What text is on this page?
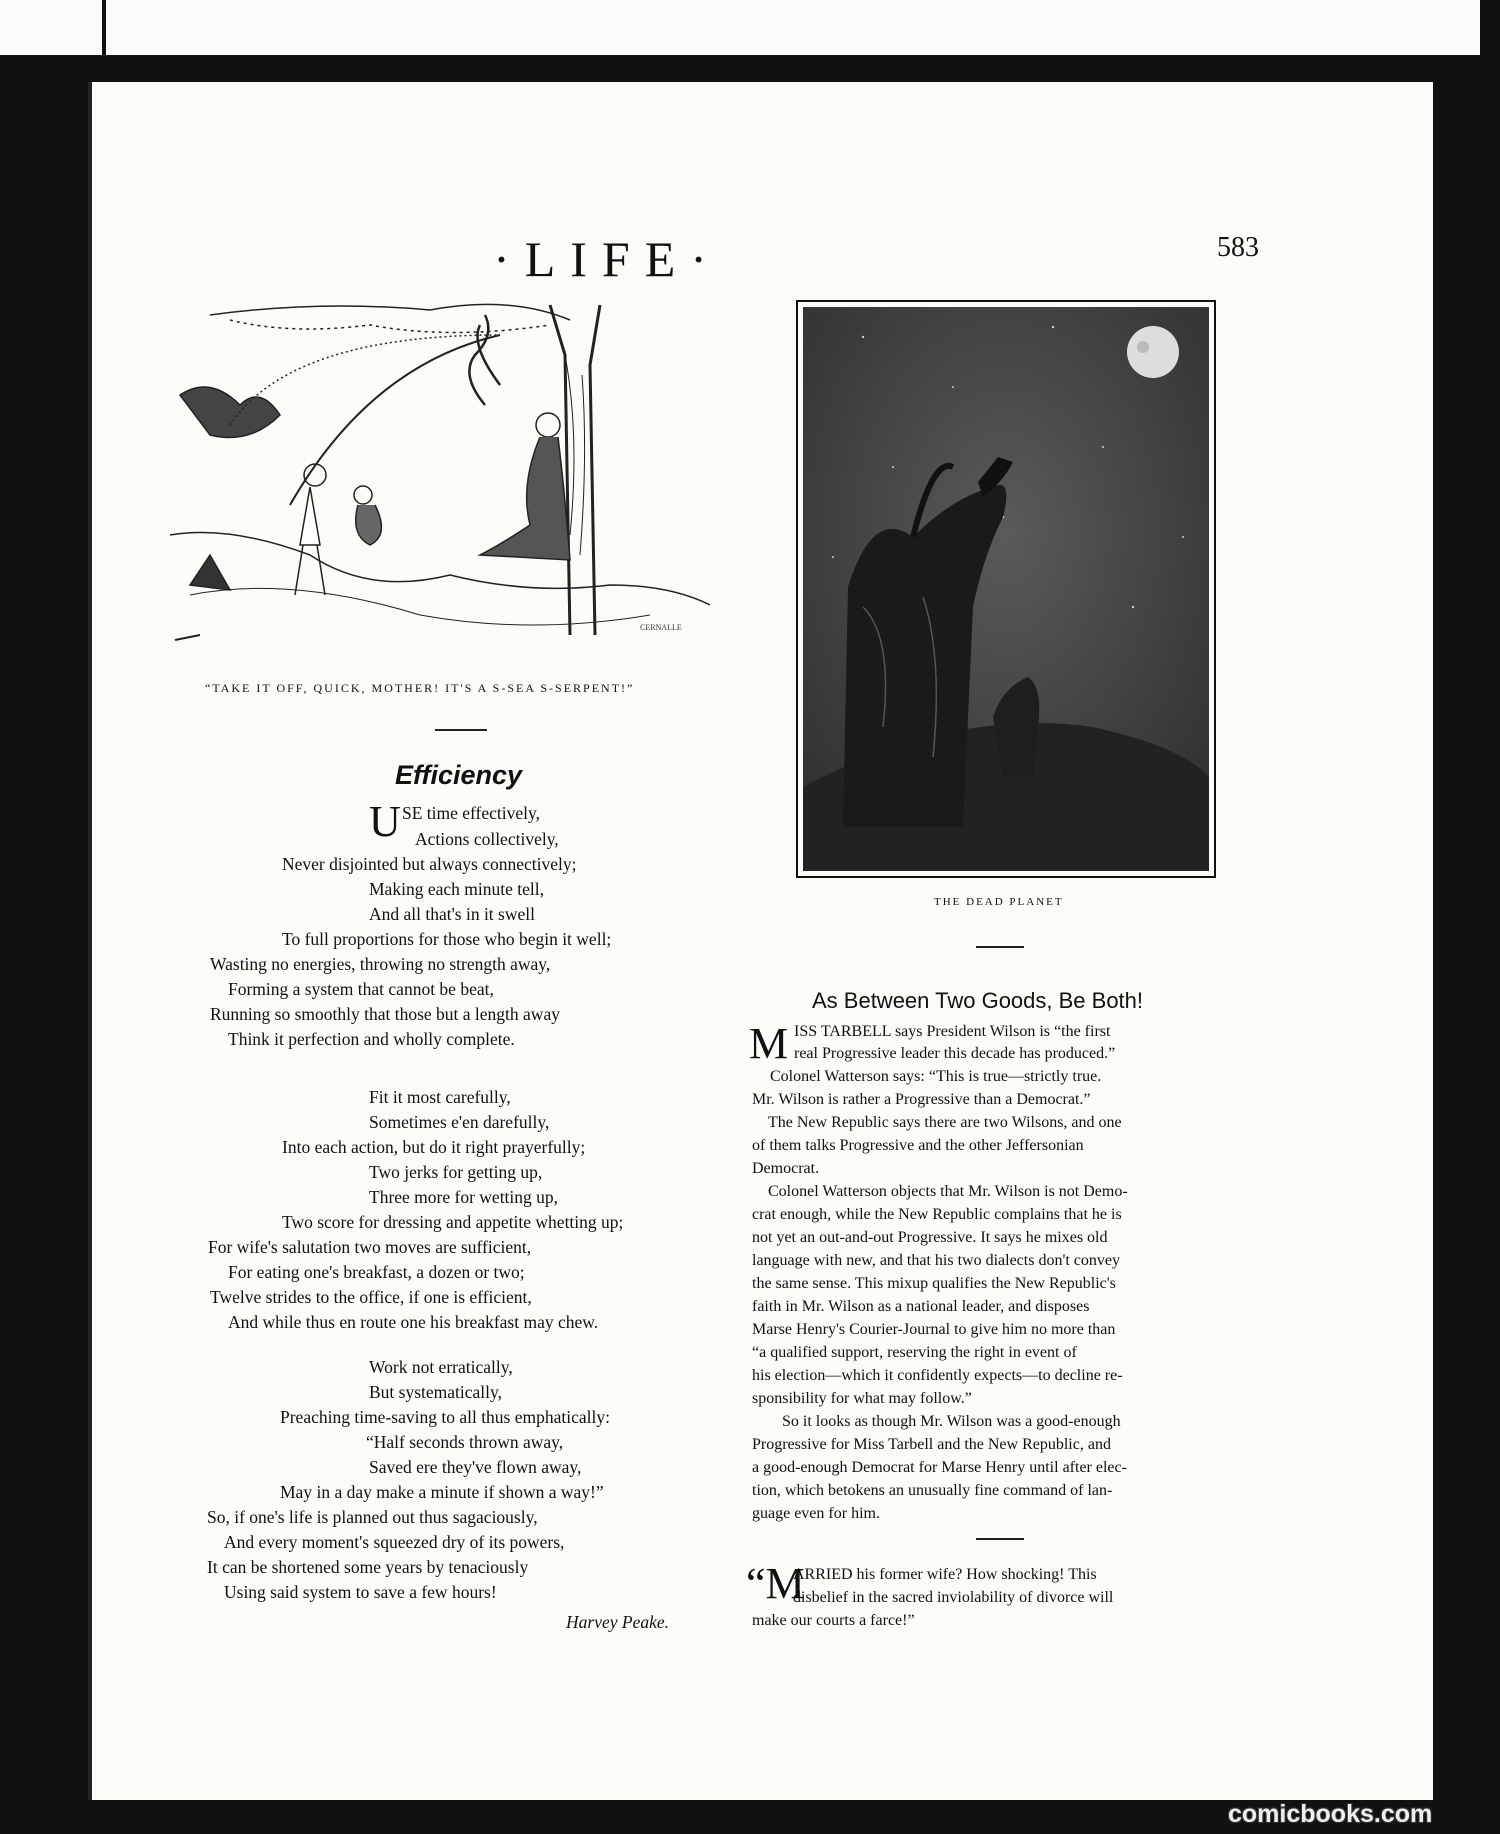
·LIFE·	583
CERNALLE
“TAKE IT OFF, QUICK, MOTHER! IT'S A S-SEA S-SERPENT!”
Efficiency
U SE time effectively,
Actions collectively,
Never disjointed but always connectively;
Making each minute tell,
And all that's in it swell
To full proportions for those who begin it well;
Wasting no energies, throwing no strength away,
Forming a system that cannot be beat,
Running so smoothly that those but a length away
Think it perfection and wholly complete.
Fit it most carefully,
Sometimes e'en darefully,
Into each action, but do it right prayerfully;
Two jerks for getting up,
Three more for wetting up,
Two score for dressing and appetite whetting up;
For wife's salutation two moves are sufficient,
For eating one's breakfast, a dozen or two;
Twelve strides to the office, if one is efficient,
And while thus en route one his breakfast may chew.
Work not erratically,
But systematically,
Preaching time-saving to all thus emphatically:
“Half seconds thrown away,
Saved ere they've flown away,
May in a day make a minute if shown a way!”
So, if one's life is planned out thus sagaciously,
And every moment's squeezed dry of its powers,
It can be shortened some years by tenaciously
Using said system to save a few hours!
Harvey Peake.
THE DEAD PLANET
As Between Two Goods, Be Both!
M ISS TARBELL says President Wilson is “the first
real Progressive leader this decade has produced.”
Colonel Watterson says: “This is true—strictly true.
Mr. Wilson is rather a Progressive than a Democrat.”
The New Republic says there are two Wilsons, and one
of them talks Progressive and the other Jeffersonian
Democrat.
Colonel Watterson objects that Mr. Wilson is not Demo-
crat enough, while the New Republic complains that he is
not yet an out-and-out Progressive. It says he mixes old
language with new, and that his two dialects don't convey
the same sense. This mixup qualifies the New Republic's
faith in Mr. Wilson as a national leader, and disposes
Marse Henry's Courier-Journal to give him no more than
“a qualified support, reserving the right in event of
his election—which it confidently expects—to decline re-
sponsibility for what may follow.”
So it looks as though Mr. Wilson was a good-enough
Progressive for Miss Tarbell and the New Republic, and
a good-enough Democrat for Marse Henry until after elec-
tion, which betokens an unusually fine command of lan-
guage even for him.
“M
ARRIED his former wife? How shocking! This
disbelief in the sacred inviolability of divorce will
make our courts a farce!”
comicbooks.com
